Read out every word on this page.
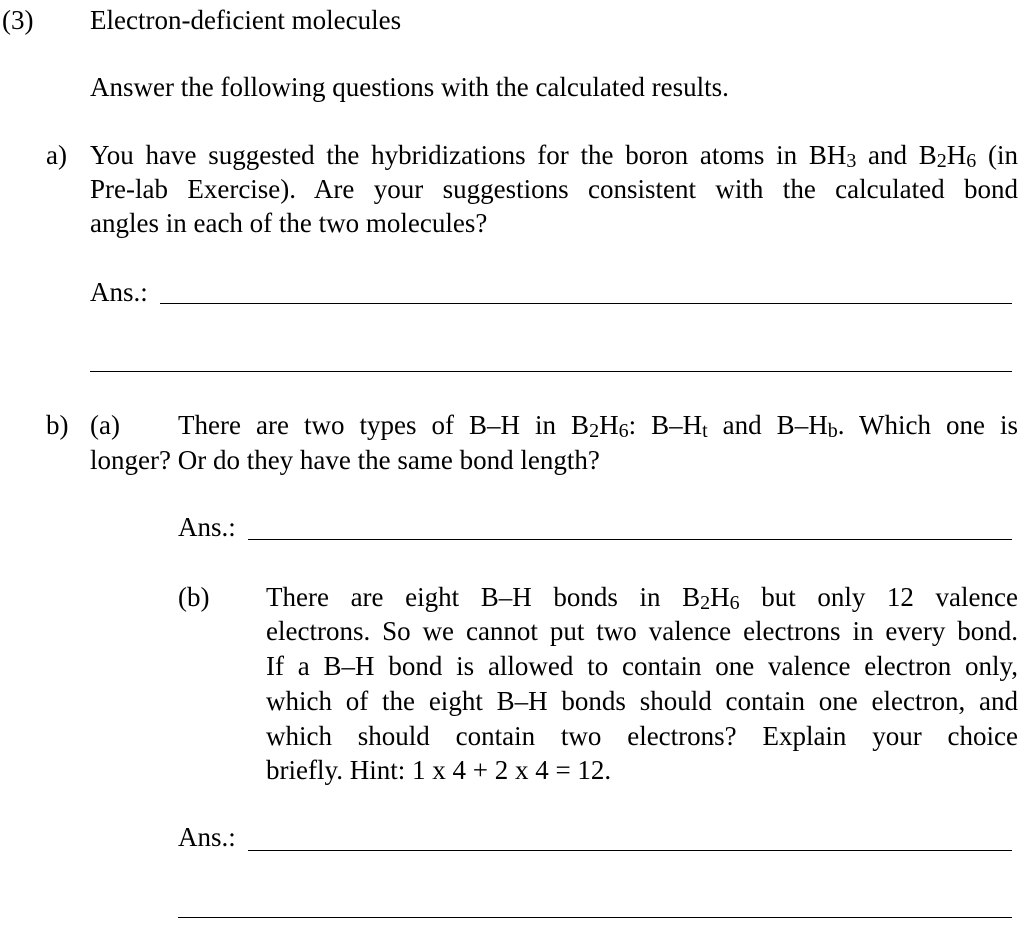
(3) Electron-deficient molecules
Answer the following questions with the calculated results.
a) You have suggested the hybridizations for the boron atoms in $BH_3$ and $B_2H_6$ (in
Pre-lab Exercise). Are your suggestions consistent with the calculated bond
angles in each of the two molecules?
Ans.:
b) (a) There are two types of B–H in $B_2H_6$: $B-H_t$ and $B-H_b$. Which one is
longer? Or do they have the same bond length?
Ans.:
(b) There are eight B–H bonds in $B_2H_6$ but only 12 valence
electrons. So we cannot put two valence electrons in every bond.
If a B–H bond is allowed to contain one valence electron only,
which of the eight B–H bonds should contain one electron, and
which should contain two electrons? Explain your choice
briefly. Hint: 1 x 4 + 2 x 4 = 12.
Ans.:
